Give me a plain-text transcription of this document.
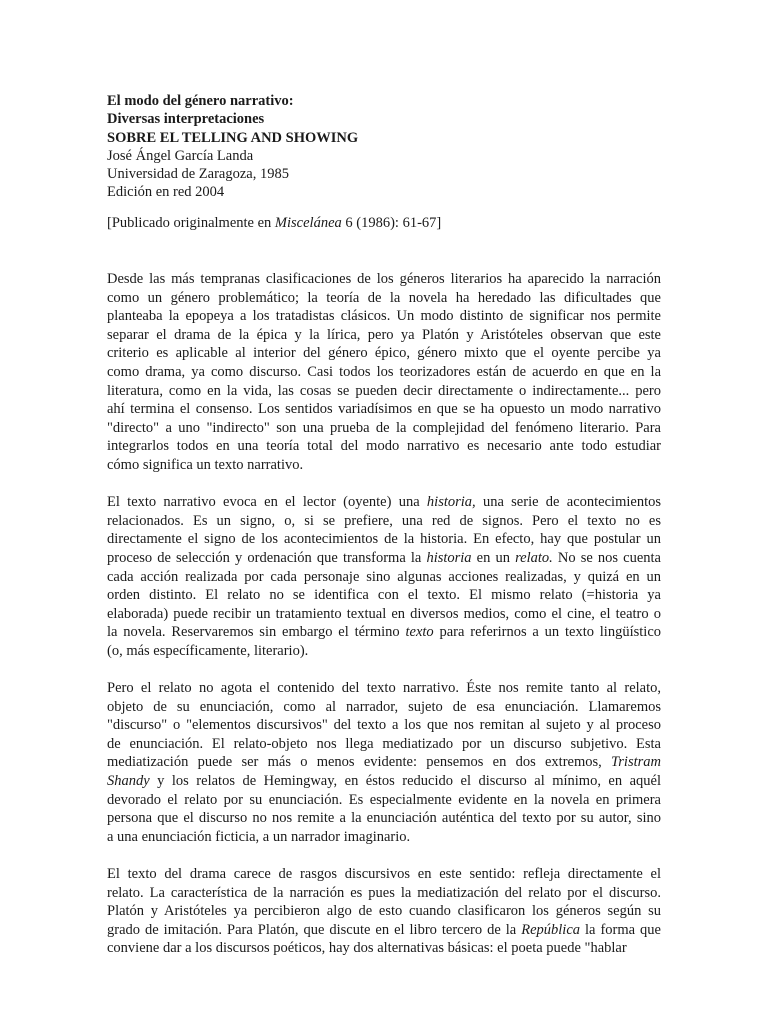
El modo del género narrativo:
Diversas interpretaciones
SOBRE EL TELLING AND SHOWING
José Ángel García Landa
Universidad de Zaragoza, 1985
Edición en red 2004
[Publicado originalmente en Miscelánea 6 (1986): 61-67]
Desde las más tempranas clasificaciones de los géneros literarios ha aparecido la narración
como un género problemático; la teoría de la novela ha heredado las dificultades que
planteaba la epopeya a los tratadistas clásicos. Un modo distinto de significar nos permite
separar el drama de la épica y la lírica, pero ya Platón y Aristóteles observan que este
criterio es aplicable al interior del género épico, género mixto que el oyente percibe ya
como drama, ya como discurso. Casi todos los teorizadores están de acuerdo en que en la
literatura, como en la vida, las cosas se pueden decir directamente o indirectamente... pero
ahí termina el consenso. Los sentidos variadísimos en que se ha opuesto un modo narrativo
"directo" a uno "indirecto" son una prueba de la complejidad del fenómeno literario. Para
integrarlos todos en una teoría total del modo narrativo es necesario ante todo estudiar
cómo significa un texto narrativo.
El texto narrativo evoca en el lector (oyente) una historia, una serie de acontecimientos
relacionados. Es un signo, o, si se prefiere, una red de signos. Pero el texto no es
directamente el signo de los acontecimientos de la historia. En efecto, hay que postular un
proceso de selección y ordenación que transforma la historia en un relato. No se nos cuenta
cada acción realizada por cada personaje sino algunas acciones realizadas, y quizá en un
orden distinto. El relato no se identifica con el texto. El mismo relato (=historia ya
elaborada) puede recibir un tratamiento textual en diversos medios, como el cine, el teatro o
la novela. Reservaremos sin embargo el término texto para referirnos a un texto lingüístico
(o, más específicamente, literario).
Pero el relato no agota el contenido del texto narrativo. Éste nos remite tanto al relato,
objeto de su enunciación, como al narrador, sujeto de esa enunciación. Llamaremos
"discurso" o "elementos discursivos" del texto a los que nos remitan al sujeto y al proceso
de enunciación. El relato-objeto nos llega mediatizado por un discurso subjetivo. Esta
mediatización puede ser más o menos evidente: pensemos en dos extremos, Tristram
Shandy y los relatos de Hemingway, en éstos reducido el discurso al mínimo, en aquél
devorado el relato por su enunciación. Es especialmente evidente en la novela en primera
persona que el discurso no nos remite a la enunciación auténtica del texto por su autor, sino
a una enunciación ficticia, a un narrador imaginario.
El texto del drama carece de rasgos discursivos en este sentido: refleja directamente el
relato. La característica de la narración es pues la mediatización del relato por el discurso.
Platón y Aristóteles ya percibieron algo de esto cuando clasificaron los géneros según su
grado de imitación. Para Platón, que discute en el libro tercero de la República la forma que
conviene dar a los discursos poéticos, hay dos alternativas básicas: el poeta puede "hablar
